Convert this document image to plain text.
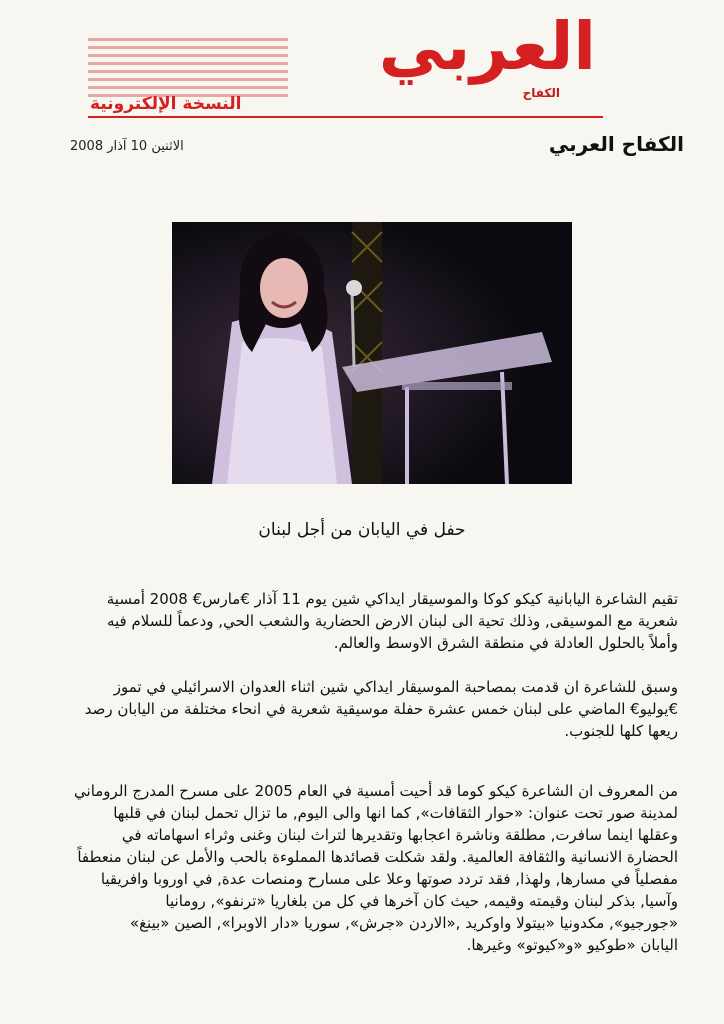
العربي
الكفاح
النسخة الإلكترونية
الكفاح العربي
الاثنين 10 آذار 2008
حفل في اليابان من أجل لبنان
تقيم الشاعرة اليابانية كيكو كوكا والموسيقار ايداكي شين يوم 11 آذار €مارس€ 2008 أمسية
شعرية مع الموسيقى, وذلك تحية الى لبنان الارض الحضارية والشعب الحي, ودعماً للسلام فيه
وأملاً بالحلول العادلة في منطقة الشرق الاوسط والعالم.
وسبق للشاعرة ان قدمت بمصاحبة الموسيقار ايداكي شين اثناء العدوان الاسرائيلي في تموز
€يوليو€ الماضي على لبنان خمس عشرة حفلة موسيقية شعرية في انحاء مختلفة من اليابان رصد
ريعها كلها للجنوب.
من المعروف ان الشاعرة كيكو كوما قد أحيت أمسية في العام 2005 على مسرح المدرج الروماني
لمدينة صور تحت عنوان: «حوار الثقافات», كما انها والى اليوم, ما تزال تحمل لبنان في قلبها
وعقلها اينما سافرت, مطلقة وناشرة اعجابها وتقديرها لتراث لبنان وغنى وثراء اسهاماته في
الحضارة الانسانية والثقافة العالمية. ولقد شكلت قصائدها المملوءة بالحب والأمل عن لبنان منعطفاً
مفصلياً في مسارها, ولهذا, فقد تردد صوتها وعلا على مسارح ومنصات عدة, في اوروبا وافريقيا
وآسيا, بذكر لبنان وقيمته وقيمه, حيث كان آخرها في كل من بلغاريا «ترنفو», رومانيا
«جورجيو», مكدونيا «بيتولا واوكريد ,«الاردن «جرش», سوريا «دار الاوبرا», الصين «بينغ»
اليابان «طوكيو «و«كيوتو» وغيرها.
